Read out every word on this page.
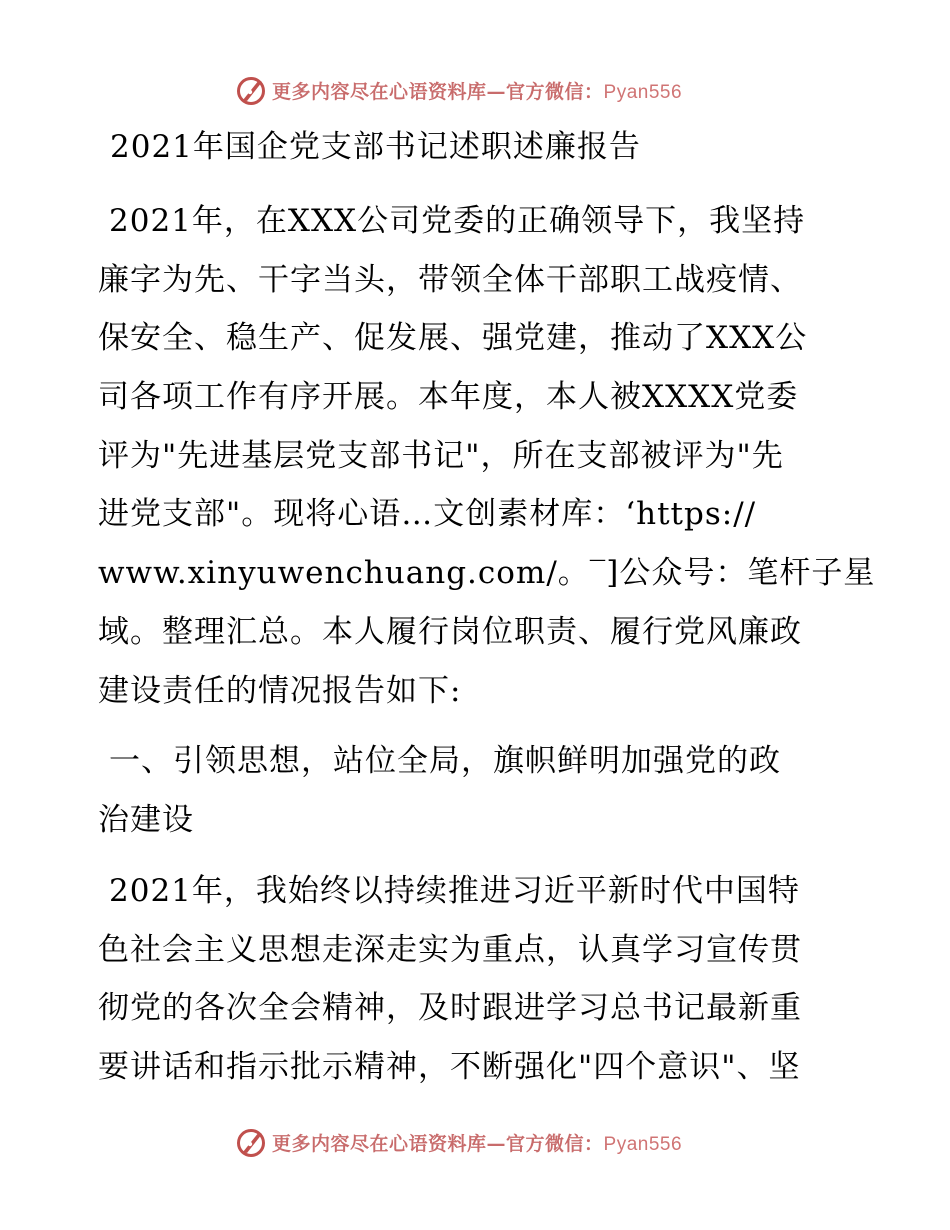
更多内容尽在心语资料库—官方微信：Pyan556
2021年国企党支部书记述职述廉报告
2021年，在XXX公司党委的正确领导下，我坚持
廉字为先、干字当头，带领全体干部职工战疫情、
保安全、稳生产、促发展、强党建，推动了XXX公
司各项工作有序开展。本年度，本人被XXXX党委
评为"先进基层党支部书记"，所在支部被评为"先
进党支部"。现将心语…文创素材库：‘https://
www.xinyuwenchuang.com/。‾]公众号：笔杆子星
域。整理汇总。本人履行岗位职责、履行党风廉政
建设责任的情况报告如下:
一、引领思想，站位全局，旗帜鲜明加强党的政
治建设
2021年，我始终以持续推进习近平新时代中国特
色社会主义思想走深走实为重点，认真学习宣传贯
彻党的各次全会精神，及时跟进学习总书记最新重
要讲话和指示批示精神，不断强化"四个意识"、坚
更多内容尽在心语资料库—官方微信：Pyan556
